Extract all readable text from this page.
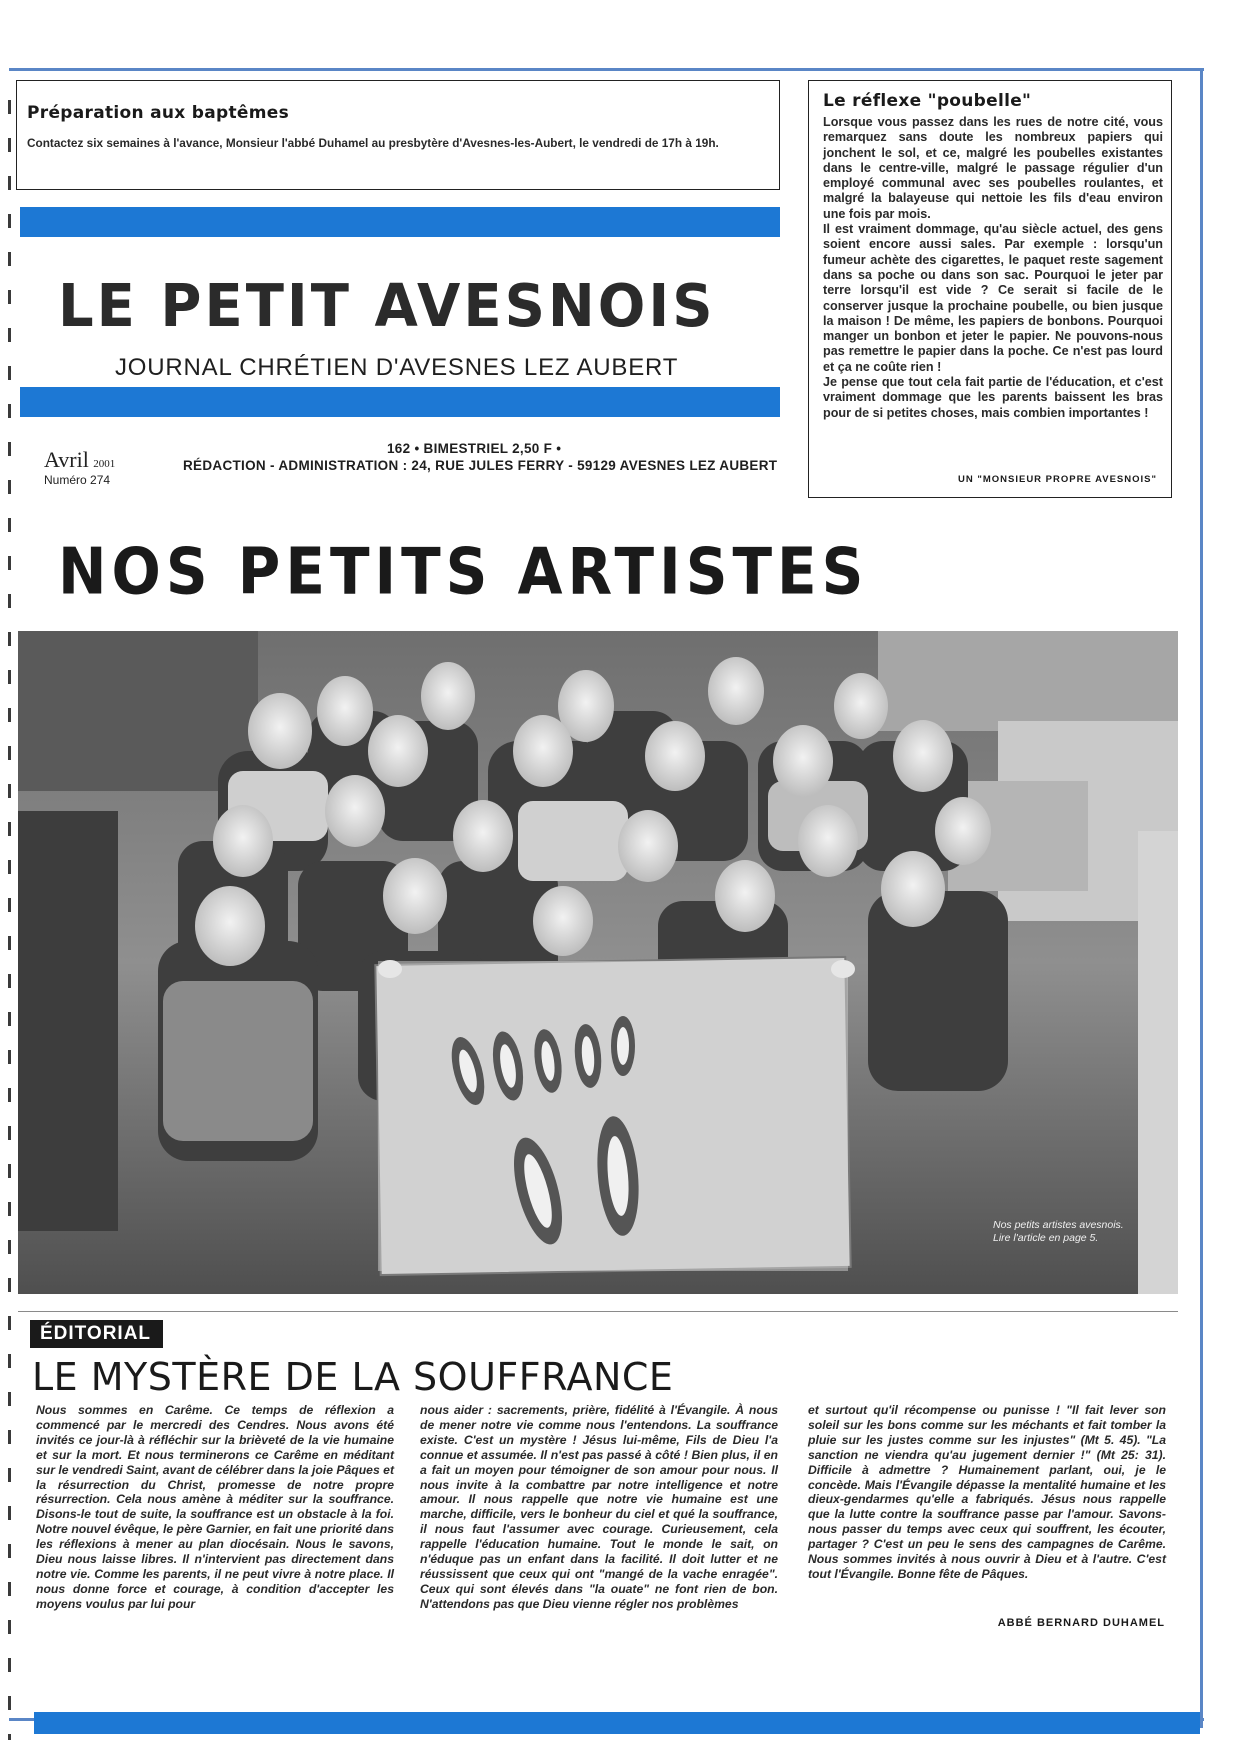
Préparation aux baptêmes
Contactez six semaines à l'avance, Monsieur l'abbé Duhamel au presbytère d'Avesnes-les-Aubert, le vendredi de 17h à 19h.
Le réflexe "poubelle"
Lorsque vous passez dans les rues de notre cité, vous remarquez sans doute les nombreux papiers qui jonchent le sol, et ce, malgré les poubelles existantes dans le centre-ville, malgré le passage régulier d'un employé communal avec ses poubelles roulantes, et malgré la balayeuse qui nettoie les fils d'eau environ une fois par mois.
Il est vraiment dommage, qu'au siècle actuel, des gens soient encore aussi sales. Par exemple : lorsqu'un fumeur achète des cigarettes, le paquet reste sagement dans sa poche ou dans son sac. Pourquoi le jeter par terre lorsqu'il est vide ? Ce serait si facile de le conserver jusque la prochaine poubelle, ou bien jusque la maison ! De même, les papiers de bonbons. Pourquoi manger un bonbon et jeter le papier. Ne pouvons-nous pas remettre le papier dans la poche. Ce n'est pas lourd et ça ne coûte rien !
Je pense que tout cela fait partie de l'éducation, et c'est vraiment dommage que les parents baissent les bras pour de si petites choses, mais combien importantes !
UN "MONSIEUR PROPRE AVESNOIS"
LE PETIT AVESNOIS
JOURNAL CHRÉTIEN D'AVESNES LEZ AUBERT
Avril 2001
Numéro 274
162 • BIMESTRIEL 2,50 F •
RÉDACTION - ADMINISTRATION : 24, RUE JULES FERRY - 59129 AVESNES LEZ AUBERT
NOS PETITS ARTISTES
Nos petits artistes avesnois.
Lire l'article en page 5.
ÉDITORIAL
LE MYSTÈRE DE LA SOUFFRANCE
Nous sommes en Carême. Ce temps de réflexion a commencé par le mercredi des Cendres. Nous avons été invités ce jour-là à réfléchir sur la brièveté de la vie humaine et sur la mort. Et nous terminerons ce Carême en méditant sur le vendredi Saint, avant de célébrer dans la joie Pâques et la résurrection du Christ, promesse de notre propre résurrection. Cela nous amène à méditer sur la souffrance. Disons-le tout de suite, la souffrance est un obstacle à la foi. Notre nouvel évêque, le père Garnier, en fait une priorité dans les réflexions à mener au plan diocésain. Nous le savons, Dieu nous laisse libres. Il n'intervient pas directement dans notre vie. Comme les parents, il ne peut vivre à notre place. Il nous donne force et courage, à condition d'accepter les moyens voulus par lui pour
nous aider : sacrements, prière, fidélité à l'Évangile. À nous de mener notre vie comme nous l'entendons. La souffrance existe. C'est un mystère ! Jésus lui-même, Fils de Dieu l'a connue et assumée. Il n'est pas passé à côté ! Bien plus, il en a fait un moyen pour témoigner de son amour pour nous. Il nous invite à la combattre par notre intelligence et notre amour. Il nous rappelle que notre vie humaine est une marche, difficile, vers le bonheur du ciel et qué la souffrance, il nous faut l'assumer avec courage. Curieusement, cela rappelle l'éducation humaine. Tout le monde le sait, on n'éduque pas un enfant dans la facilité. Il doit lutter et ne réussissent que ceux qui ont "mangé de la vache enragée". Ceux qui sont élevés dans "la ouate" ne font rien de bon. N'attendons pas que Dieu vienne régler nos problèmes
et surtout qu'il récompense ou punisse ! "Il fait lever son soleil sur les bons comme sur les méchants et fait tomber la pluie sur les justes comme sur les injustes" (Mt 5. 45). "La sanction ne viendra qu'au jugement dernier !" (Mt 25: 31). Difficile à admettre ? Humainement parlant, oui, je le concède. Mais l'Évangile dépasse la mentalité humaine et les dieux-gendarmes qu'elle a fabriqués. Jésus nous rappelle que la lutte contre la souffrance passe par l'amour. Savons-nous passer du temps avec ceux qui souffrent, les écouter, partager ? C'est un peu le sens des campagnes de Carême. Nous sommes invités à nous ouvrir à Dieu et à l'autre. C'est tout l'Évangile. Bonne fête de Pâques.
ABBÉ BERNARD DUHAMEL
